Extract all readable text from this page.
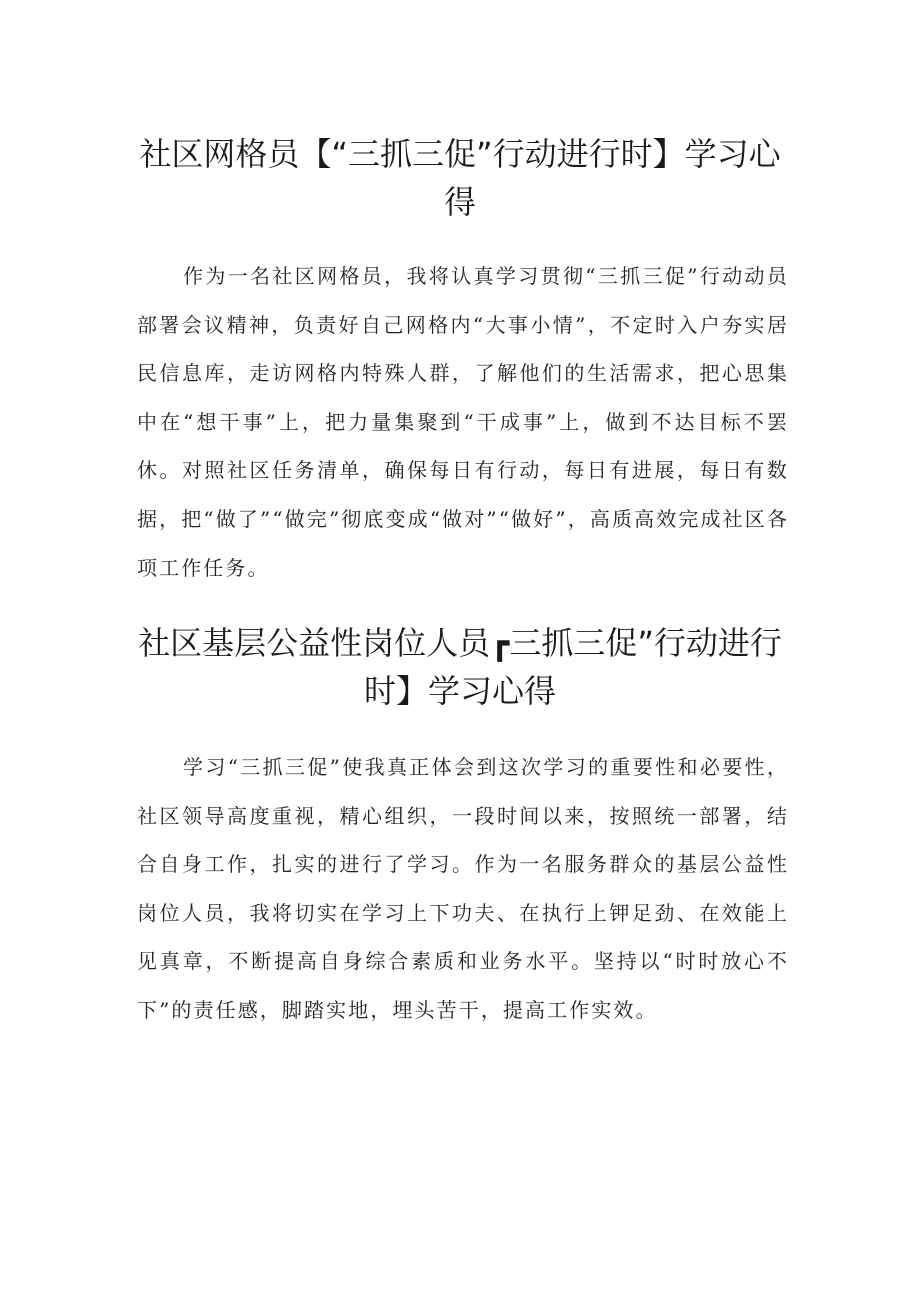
社区网格员【“三抓三促”行动进行时】学习心得

作为一名社区网格员，我将认真学习贯彻“三抓三促”行动动员部署会议精神，负责好自己网格内“大事小情”，不定时入户夯实居民信息库，走访网格内特殊人群，了解他们的生活需求，把心思集中在“想干事”上，把力量集聚到“干成事”上，做到不达目标不罢休。对照社区任务清单，确保每日有行动，每日有进展，每日有数据，把“做了”“做完”彻底变成“做对”“做好”，高质高效完成社区各项工作任务。

社区基层公益性岗位人员┏三抓三促”行动进行时】学习心得

学习“三抓三促”使我真正体会到这次学习的重要性和必要性，社区领导高度重视，精心组织，一段时间以来，按照统一部署，结合自身工作，扎实的进行了学习。作为一名服务群众的基层公益性岗位人员，我将切实在学习上下功夫、在执行上钾足劲、在效能上见真章，不断提高自身综合素质和业务水平。坚持以“时时放心不下”的责任感，脚踏实地，埋头苦干，提高工作实效。
